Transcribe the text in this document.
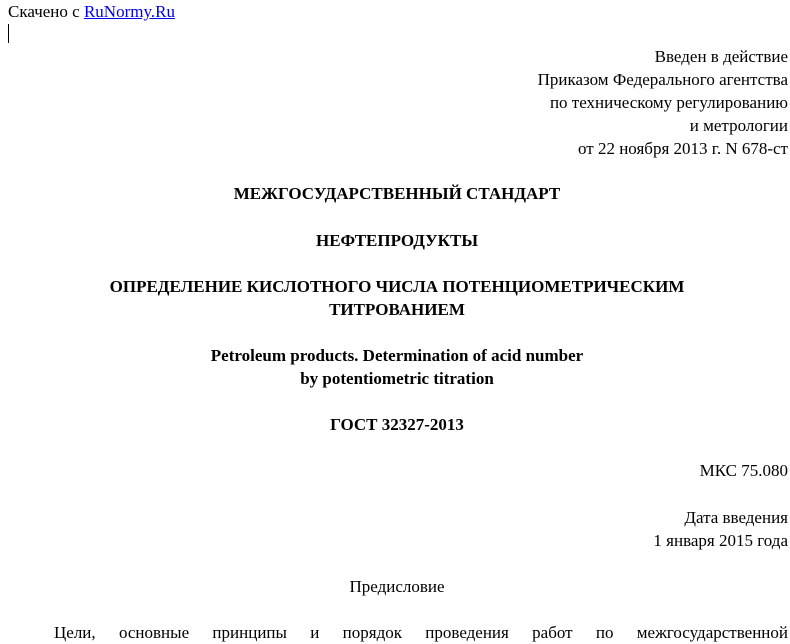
Скачено с RuNormy.Ru
Введен в действие
Приказом Федерального агентства
по техническому регулированию
и метрологии
от 22 ноября 2013 г. N 678-ст
МЕЖГОСУДАРСТВЕННЫЙ СТАНДАРТ
НЕФТЕПРОДУКТЫ
ОПРЕДЕЛЕНИЕ КИСЛОТНОГО ЧИСЛА ПОТЕНЦИОМЕТРИЧЕСКИМ
ТИТРОВАНИЕМ
Petroleum products. Determination of acid number
by potentiometric titration
ГОСТ 32327-2013
МКС 75.080
Дата введения
1 января 2015 года
Предисловие
Цели, основные принципы и порядок проведения работ по межгосударственной
